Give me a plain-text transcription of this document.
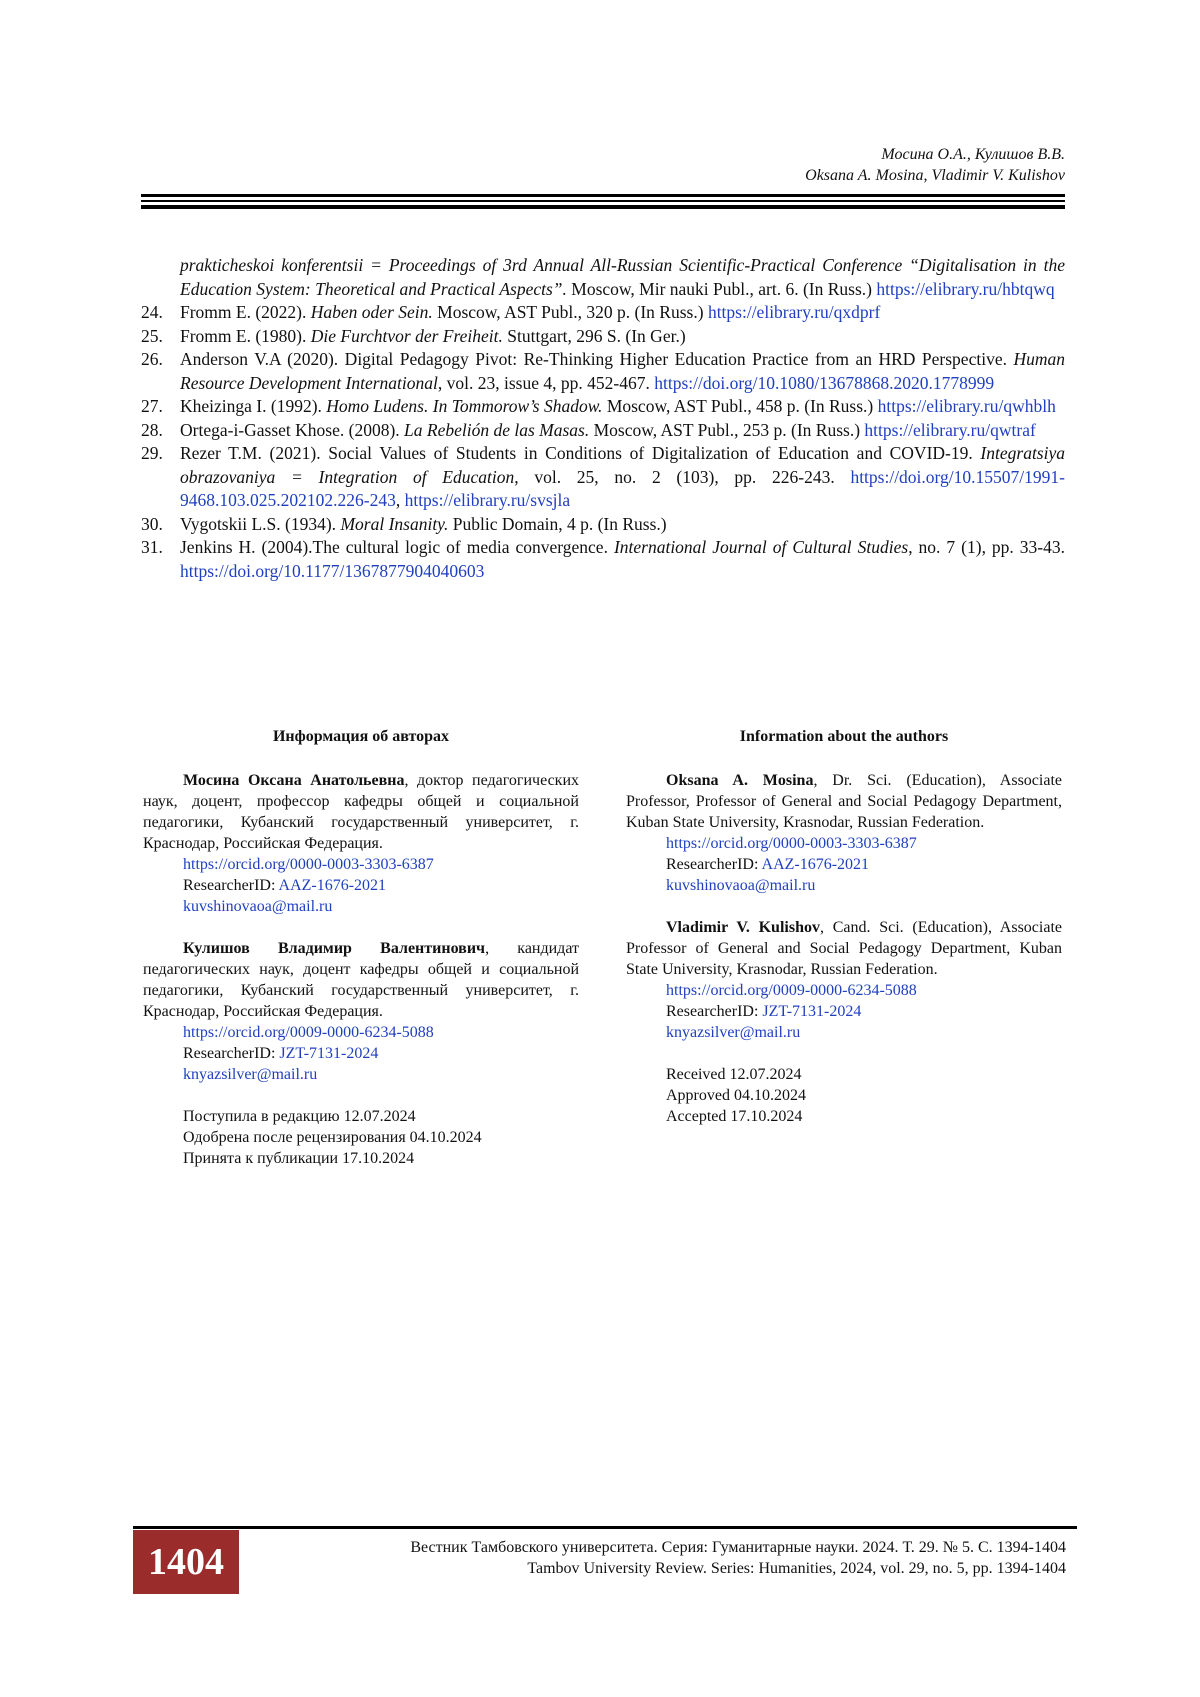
Мосина О.А., Кулишов В.В.
Oksana A. Mosina, Vladimir V. Kulishov
prakticheskoi konferentsii = Proceedings of 3rd Annual All-Russian Scientific-Practical Conference “Digitalisation in the Education System: Theoretical and Practical Aspects”. Moscow, Mir nauki Publ., art. 6. (In Russ.) https://elibrary.ru/hbtqwq
24. Fromm E. (2022). Haben oder Sein. Moscow, AST Publ., 320 p. (In Russ.) https://elibrary.ru/qxdprf
25. Fromm E. (1980). Die Furchtvor der Freiheit. Stuttgart, 296 S. (In Ger.)
26. Anderson V.A (2020). Digital Pedagogy Pivot: Re-Thinking Higher Education Practice from an HRD Perspective. Human Resource Development International, vol. 23, issue 4, pp. 452-467. https://doi.org/10.1080/13678868.2020.1778999
27. Kheizinga I. (1992). Homo Ludens. In Tommorow’s Shadow. Moscow, AST Publ., 458 p. (In Russ.) https://elibrary.ru/qwhblh
28. Ortega-i-Gasset Khose. (2008). La Rebelión de las Masas. Moscow, AST Publ., 253 p. (In Russ.) https://elibrary.ru/qwtraf
29. Rezer T.M. (2021). Social Values of Students in Conditions of Digitalization of Education and COVID-19. Integratsiya obrazovaniya = Integration of Education, vol. 25, no. 2 (103), pp. 226-243. https://doi.org/10.15507/1991-9468.103.025.202102.226-243, https://elibrary.ru/svsjla
30. Vygotskii L.S. (1934). Moral Insanity. Public Domain, 4 p. (In Russ.)
31. Jenkins H. (2004).The cultural logic of media convergence. International Journal of Cultural Studies, no. 7 (1), pp. 33-43. https://doi.org/10.1177/1367877904040603
Информация об авторах

Мосина Оксана Анатольевна, доктор педагогических наук, доцент, профессор кафедры общей и социальной педагогики, Кубанский государственный университет, г. Краснодар, Российская Федерация.

https://orcid.org/0000-0003-3303-6387
ResearcherID: AAZ-1676-2021
kuvshinovaoa@mail.ru

Кулишов Владимир Валентинович, кандидат педагогических наук, доцент кафедры общей и социальной педагогики, Кубанский государственный университет, г. Краснодар, Российская Федерация.

https://orcid.org/0009-0000-6234-5088
ResearcherID: JZT-7131-2024
knyazsilver@mail.ru
Поступила в редакцию 12.07.2024
Одобрена после рецензирования 04.10.2024
Принята к публикации 17.10.2024
Information about the authors

Oksana A. Mosina, Dr. Sci. (Education), Associate Professor, Professor of General and Social Pedagogy Department, Kuban State University, Krasnodar, Russian Federation.

https://orcid.org/0000-0003-3303-6387
ResearcherID: AAZ-1676-2021
kuvshinovaoa@mail.ru

Vladimir V. Kulishov, Cand. Sci. (Education), Associate Professor of General and Social Pedagogy Department, Kuban State University, Krasnodar, Russian Federation.

https://orcid.org/0009-0000-6234-5088
ResearcherID: JZT-7131-2024
knyazsilver@mail.ru
Received 12.07.2024
Approved 04.10.2024
Accepted 17.10.2024
1404	Вестник Тамбовского университета. Серия: Гуманитарные науки. 2024. Т. 29. № 5. С. 1394-1404
Tambov University Review. Series: Humanities, 2024, vol. 29, no. 5, pp. 1394-1404
